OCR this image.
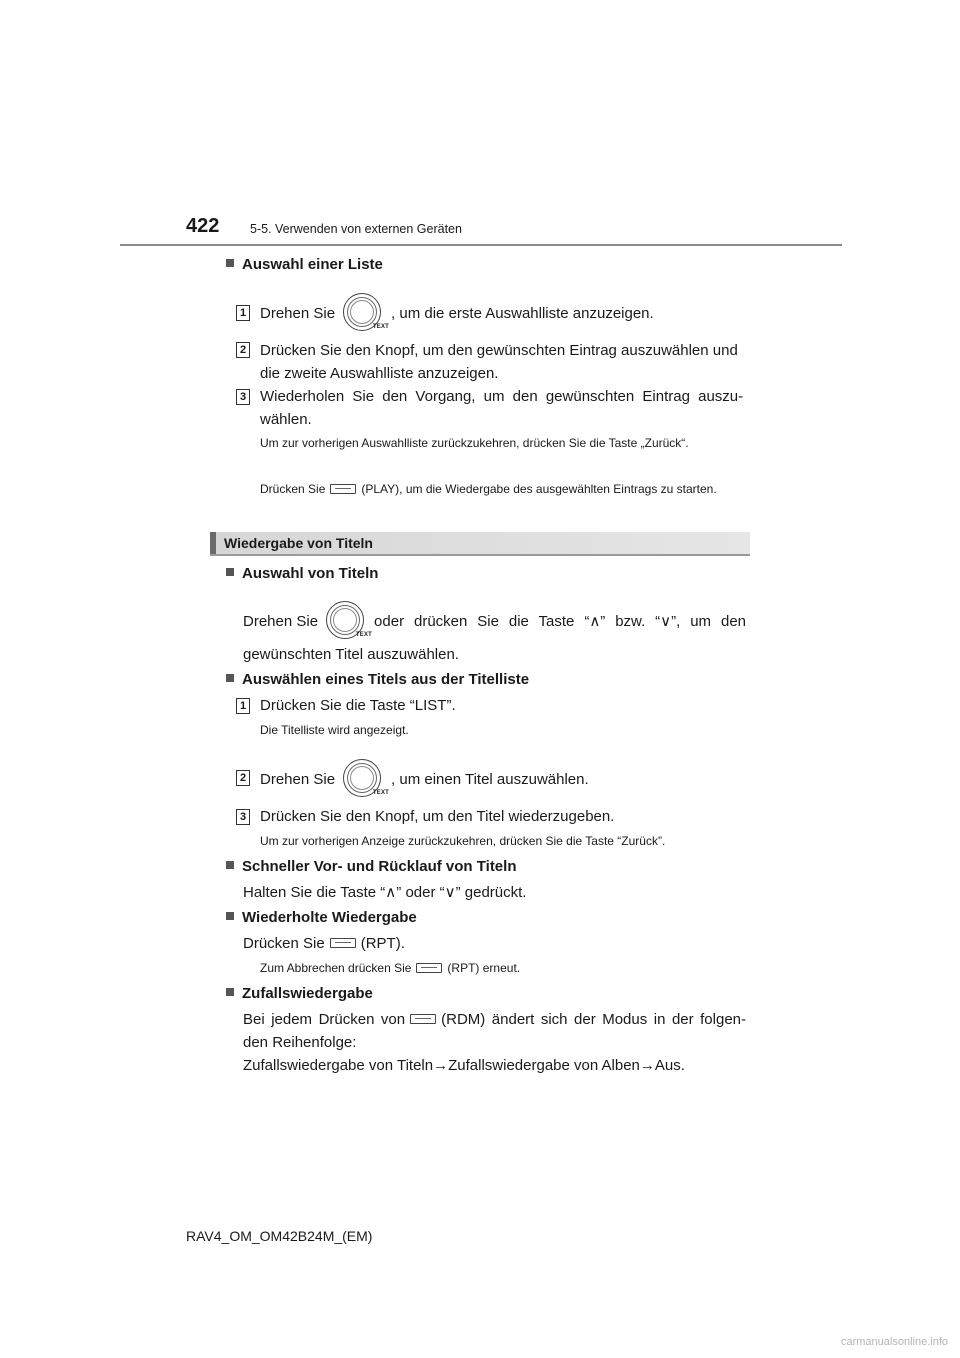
422 5-5. Verwenden von externen Geräten
Auswahl einer Liste
1 Drehen Sie
TEXT
, um die erste Auswahlliste anzuzeigen.
2 Drücken Sie den Knopf, um den gewünschten Eintrag auszuwählen und
die zweite Auswahlliste anzuzeigen.
3 Wiederholen Sie den Vorgang, um den gewünschten Eintrag auszu-
wählen.
Um zur vorherigen Auswahlliste zurückzukehren, drücken Sie die Taste „Zurück“.
Drücken Sie	(PLAY), um die Wiedergabe des ausgewählten Eintrags zu starten.
Wiedergabe von Titeln
Auswahl von Titeln
Drehen Sie
TEXT
oder drücken Sie die Taste “∧” bzw. “∨”, um den
gewünschten Titel auszuwählen.
Auswählen eines Titels aus der Titelliste
1 Drücken Sie die Taste “LIST”.
Die Titelliste wird angezeigt.
2 Drehen Sie
TEXT
, um einen Titel auszuwählen.
3 Drücken Sie den Knopf, um den Titel wiederzugeben.
Um zur vorherigen Anzeige zurückzukehren, drücken Sie die Taste “Zurück”.
Schneller Vor- und Rücklauf von Titeln
Halten Sie die Taste “∧” oder “∨” gedrückt.
Wiederholte Wiedergabe
Drücken Sie (RPT).
Zum Abbrechen drücken Sie	(RPT) erneut.
Zufallswiedergabe
Bei jedem Drücken von (RDM) ändert sich der Modus in der folgen-
den Reihenfolge:
Zufallswiedergabe von Titeln→Zufallswiedergabe von Alben→Aus.
RAV4_OM_OM42B24M_(EM)
carmanualsonline.info
